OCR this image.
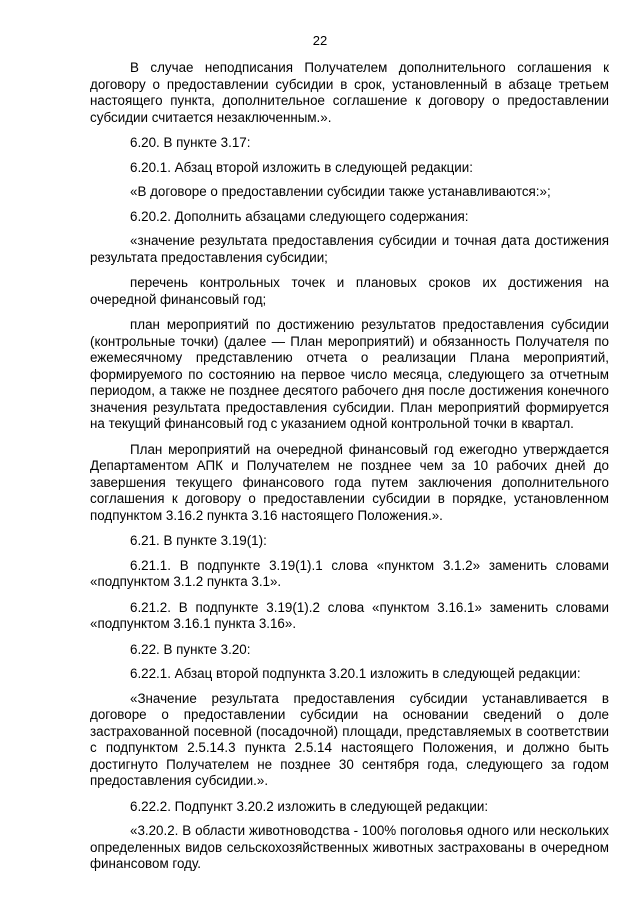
22

В случае неподписания Получателем дополнительного соглашения к договору о предоставлении субсидии в срок, установленный в абзаце третьем настоящего пункта, дополнительное соглашение к договору о предоставлении субсидии считается незаключенным.».

6.20. В пункте 3.17:

6.20.1. Абзац второй изложить в следующей редакции:

«В договоре о предоставлении субсидии также устанавливаются:»;

6.20.2. Дополнить абзацами следующего содержания:

«значение результата предоставления субсидии и точная дата достижения результата предоставления субсидии;

перечень контрольных точек и плановых сроков их достижения на очередной финансовый год;

план мероприятий по достижению результатов предоставления субсидии (контрольные точки) (далее — План мероприятий) и обязанность Получателя по ежемесячному представлению отчета о реализации Плана мероприятий, формируемого по состоянию на первое число месяца, следующего за отчетным периодом, а также не позднее десятого рабочего дня после достижения конечного значения результата предоставления субсидии. План мероприятий формируется на текущий финансовый год с указанием одной контрольной точки в квартал.

План мероприятий на очередной финансовый год ежегодно утверждается Департаментом АПК и Получателем не позднее чем за 10 рабочих дней до завершения текущего финансового года путем заключения дополнительного соглашения к договору о предоставлении субсидии в порядке, установленном подпунктом 3.16.2 пункта 3.16 настоящего Положения.».

6.21. В пункте 3.19(1):

6.21.1. В подпункте 3.19(1).1 слова «пунктом 3.1.2» заменить словами «подпунктом 3.1.2 пункта 3.1».

6.21.2. В подпункте 3.19(1).2 слова «пунктом 3.16.1» заменить словами «подпунктом 3.16.1 пункта 3.16».

6.22. В пункте 3.20:

6.22.1. Абзац второй подпункта 3.20.1 изложить в следующей редакции:

«Значение результата предоставления субсидии устанавливается в договоре о предоставлении субсидии на основании сведений о доле застрахованной посевной (посадочной) площади, представляемых в соответствии с подпунктом 2.5.14.3 пункта 2.5.14 настоящего Положения, и должно быть достигнуто Получателем не позднее 30 сентября года, следующего за годом предоставления субсидии.».

6.22.2. Подпункт 3.20.2 изложить в следующей редакции:

«3.20.2. В области животноводства - 100% поголовья одного или нескольких определенных видов сельскохозяйственных животных застрахованы в очередном финансовом году.
